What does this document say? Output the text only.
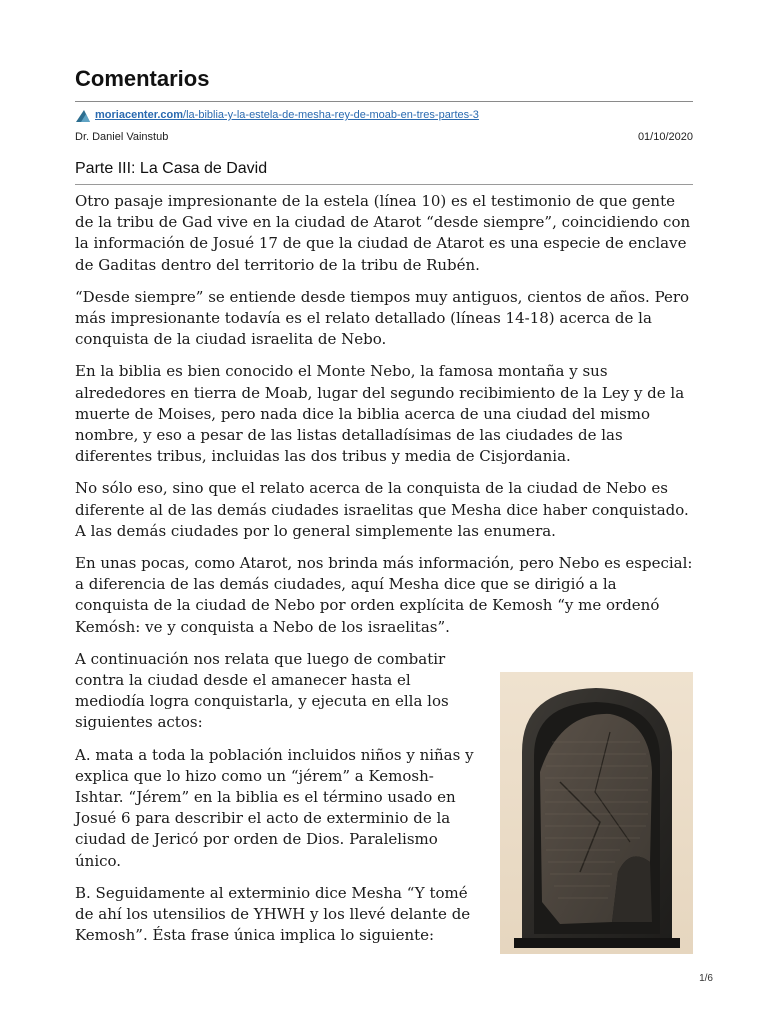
Comentarios
moriacenter.com/la-biblia-y-la-estela-de-mesha-rey-de-moab-en-tres-partes-3
Dr. Daniel Vainstub	01/10/2020
Parte III: La Casa de David

Otro pasaje impresionante de la estela (línea 10) es el testimonio de que gente de la tribu de Gad vive en la ciudad de Atarot “desde siempre”, coincidiendo con la información de Josué 17 de que la ciudad de Atarot es una especie de enclave de Gaditas dentro del territorio de la tribu de Rubén.

“Desde siempre” se entiende desde tiempos muy antiguos, cientos de años. Pero más impresionante todavía es el relato detallado (líneas 14-18) acerca de la conquista de la ciudad israelita de Nebo.

En la biblia es bien conocido el Monte Nebo, la famosa montaña y sus alrededores en tierra de Moab, lugar del segundo recibimiento de la Ley y de la muerte de Moises, pero nada dice la biblia acerca de una ciudad del mismo nombre, y eso a pesar de las listas detalladísimas de las ciudades de las diferentes tribus, incluidas las dos tribus y media de Cisjordania.

No sólo eso, sino que el relato acerca de la conquista de la ciudad de Nebo es diferente al de las demás ciudades israelitas que Mesha dice haber conquistado. A las demás ciudades por lo general simplemente las enumera.

En unas pocas, como Atarot, nos brinda más información, pero Nebo es especial: a diferencia de las demás ciudades, aquí Mesha dice que se dirigió a la conquista de la ciudad de Nebo por orden explícita de Kemosh “y me ordenó Kemósh: ve y conquista a Nebo de los israelitas”.

A continuación nos relata que luego de combatir contra la ciudad desde el amanecer hasta el mediodía logra conquistarla, y ejecuta en ella los siguientes actos:

A. mata a toda la población incluidos niños y niñas y explica que lo hizo como un “jérem” a Kemosh-Ishtar. “Jérem” en la biblia es el término usado en Josué 6 para describir el acto de exterminio de la ciudad de Jericó por orden de Dios. Paralelismo único.

B. Seguidamente al exterminio dice Mesha “Y tomé de ahí los utensilios de YHWH y los llevé delante de Kemosh”. Ésta frase única implica lo siguiente:

1/6
